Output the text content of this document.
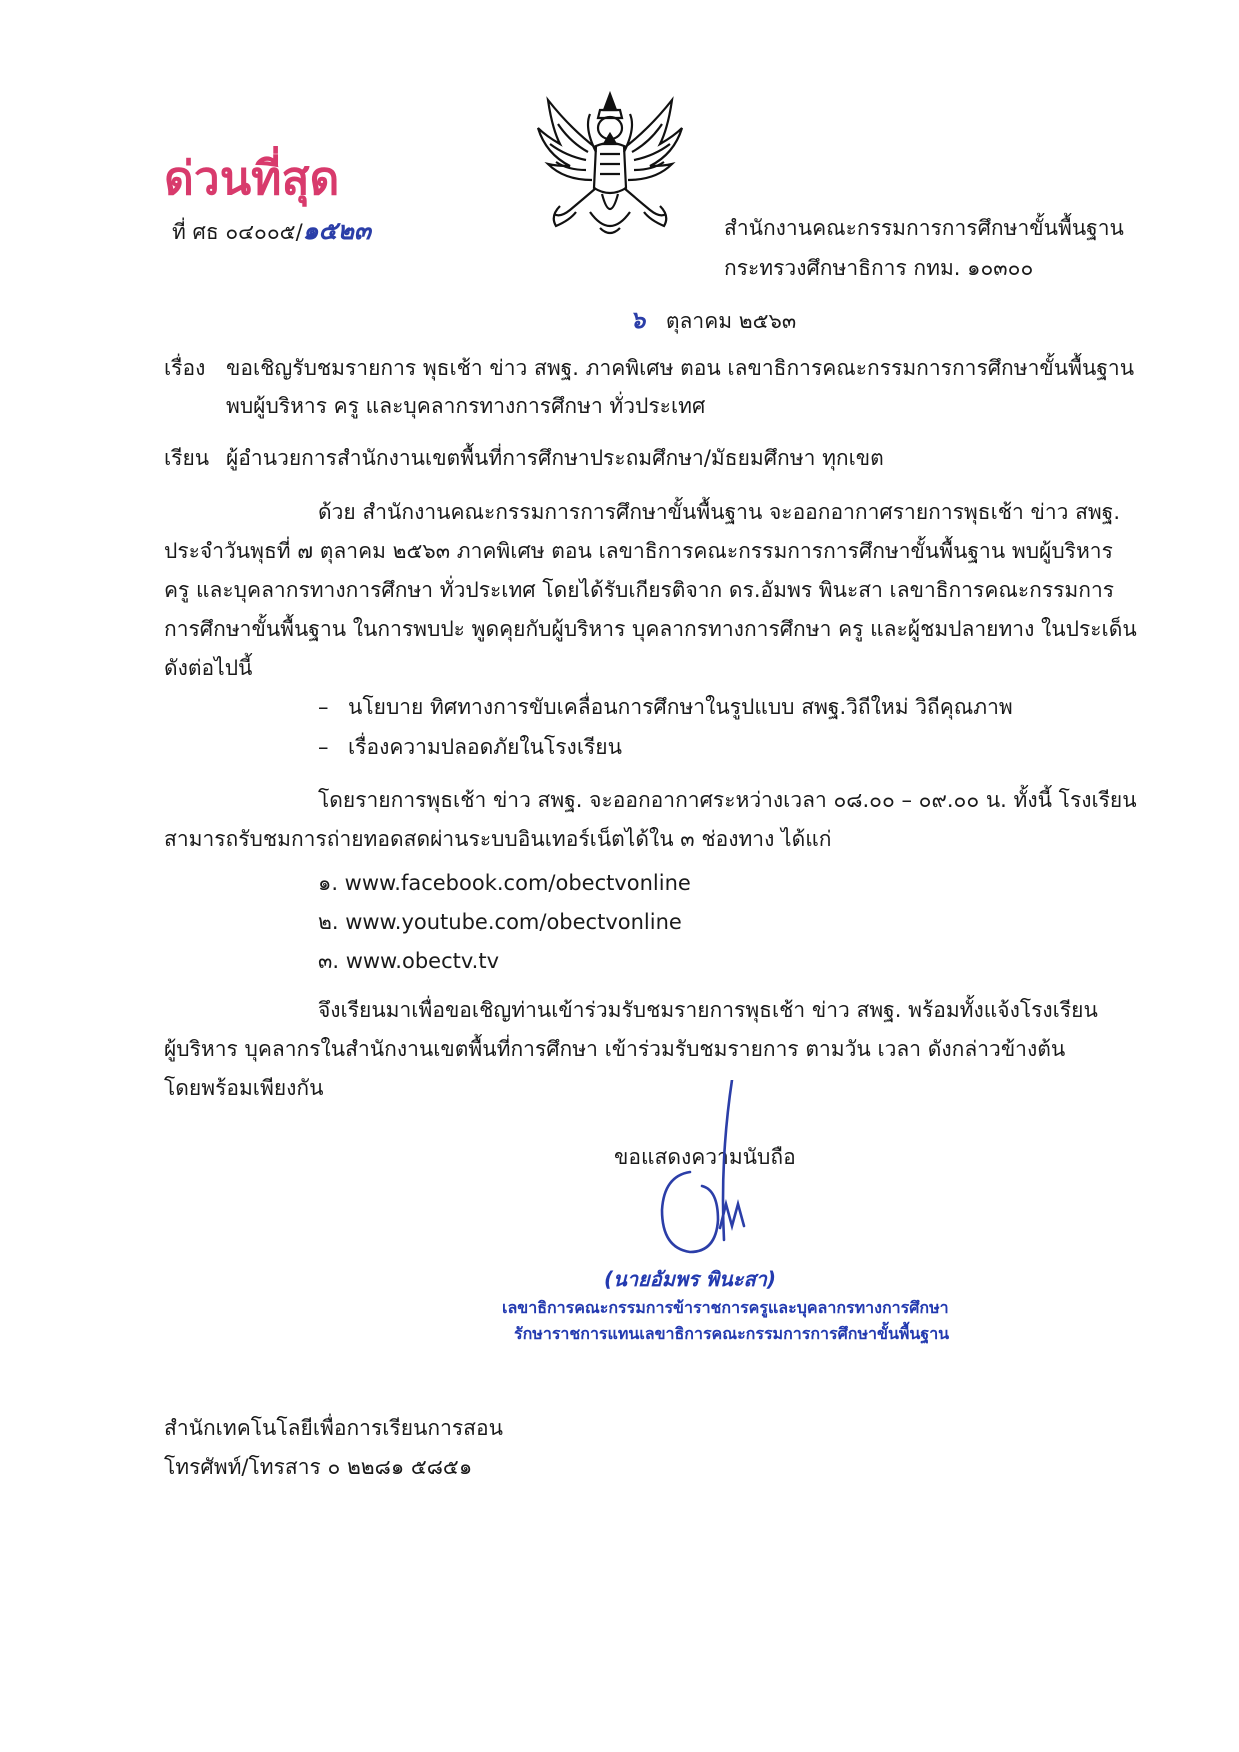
ด่วนที่สุด
ที่ ศธ ๐๔๐๐๕/๑๕๒๓	สำนักงานคณะกรรมการการศึกษาขั้นพื้นฐาน
กระทรวงศึกษาธิการ กทม. ๑๐๓๐๐
๖ ตุลาคม ๒๕๖๓
เรื่อง ขอเชิญรับชมรายการ พุธเช้า ข่าว สพฐ. ภาคพิเศษ ตอน เลขาธิการคณะกรรมการการศึกษาขั้นพื้นฐาน
พบผู้บริหาร ครู และบุคลากรทางการศึกษา ทั่วประเทศ
เรียน ผู้อำนวยการสำนักงานเขตพื้นที่การศึกษาประถมศึกษา/มัธยมศึกษา ทุกเขต
ด้วย สำนักงานคณะกรรมการการศึกษาขั้นพื้นฐาน จะออกอากาศรายการพุธเช้า ข่าว สพฐ.
ประจำวันพุธที่ ๗ ตุลาคม ๒๕๖๓ ภาคพิเศษ ตอน เลขาธิการคณะกรรมการการศึกษาขั้นพื้นฐาน พบผู้บริหาร
ครู และบุคลากรทางการศึกษา ทั่วประเทศ โดยได้รับเกียรติจาก ดร.อัมพร พินะสา เลขาธิการคณะกรรมการ
การศึกษาขั้นพื้นฐาน ในการพบปะ พูดคุยกับผู้บริหาร บุคลากรทางการศึกษา ครู และผู้ชมปลายทาง ในประเด็น
ดังต่อไปนี้
– นโยบาย ทิศทางการขับเคลื่อนการศึกษาในรูปแบบ สพฐ.วิถีใหม่ วิถีคุณภาพ
– เรื่องความปลอดภัยในโรงเรียน
โดยรายการพุธเช้า ข่าว สพฐ. จะออกอากาศระหว่างเวลา ๐๘.๐๐ – ๐๙.๐๐ น. ทั้งนี้ โรงเรียน
สามารถรับชมการถ่ายทอดสดผ่านระบบอินเทอร์เน็ตได้ใน ๓ ช่องทาง ได้แก่
๑. www.facebook.com/obectvonline
๒. www.youtube.com/obectvonline
๓. www.obectv.tv
จึงเรียนมาเพื่อขอเชิญท่านเข้าร่วมรับชมรายการพุธเช้า ข่าว สพฐ. พร้อมทั้งแจ้งโรงเรียน
ผู้บริหาร บุคลากรในสำนักงานเขตพื้นที่การศึกษา เข้าร่วมรับชมรายการ ตามวัน เวลา ดังกล่าวข้างต้น
โดยพร้อมเพียงกัน
ขอแสดงความนับถือ
(นายอัมพร พินะสา)
เลขาธิการคณะกรรมการข้าราชการครูและบุคลากรทางการศึกษา
รักษาราชการแทนเลขาธิการคณะกรรมการการศึกษาขั้นพื้นฐาน
สำนักเทคโนโลยีเพื่อการเรียนการสอน
โทรศัพท์/โทรสาร ๐ ๒๒๘๑ ๕๘๕๑
